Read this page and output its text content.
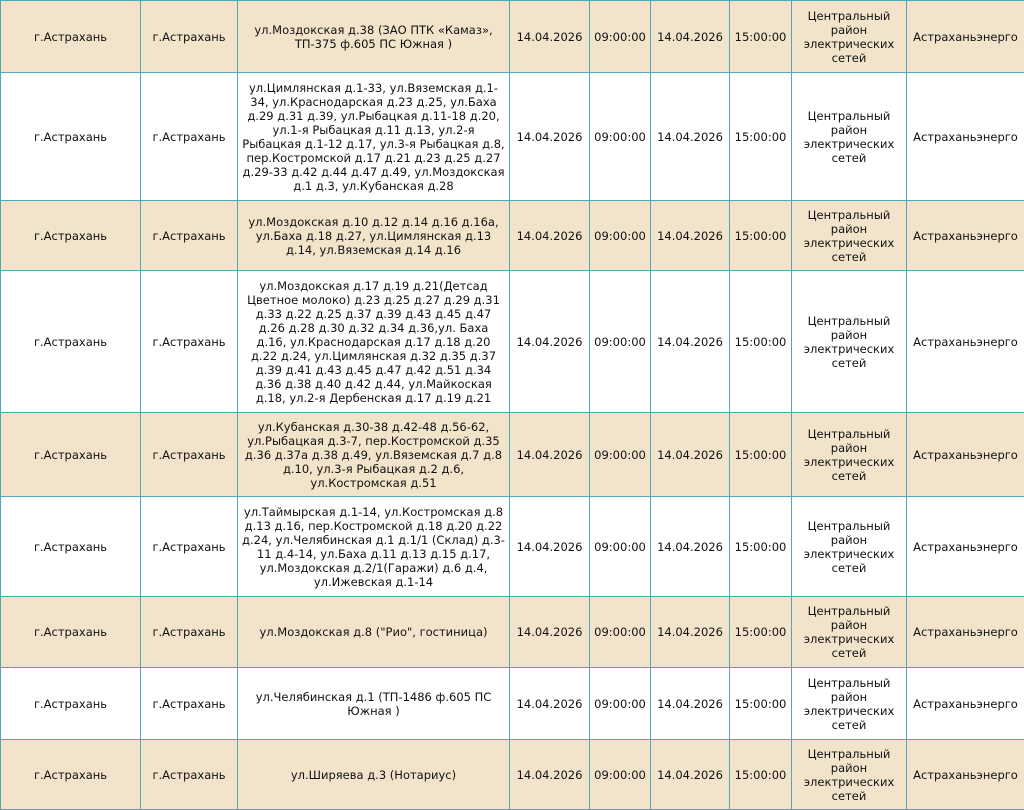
г.Астрахань	г.Астрахань	ул.Моздокская д.38 (ЗАО ПТК «Камаз», ТП-375 ф.605 ПС Южная )	14.04.2026	09:00:00	14.04.2026	15:00:00	Центральный район электрических сетей	Астраханьэнерго
г.Астрахань	г.Астрахань	ул.Цимлянская д.1-33, ул.Вяземская д.1-34, ул.Краснодарская д.23 д.25, ул.Баха д.29 д.31 д.39, ул.Рыбацкая д.11-18 д.20, ул.1-я Рыбацкая д.11 д.13, ул.2-я Рыбацкая д.1-12 д.17, ул.3-я Рыбацкая д.8, пер.Костромской д.17 д.21 д.23 д.25 д.27 д.29-33 д.42 д.44 д.47 д.49, ул.Моздокская д.1 д.3, ул.Кубанская д.28	14.04.2026	09:00:00	14.04.2026	15:00:00	Центральный район электрических сетей	Астраханьэнерго
г.Астрахань	г.Астрахань	ул.Моздокская д.10 д.12 д.14 д.16 д.16а, ул.Баха д.18 д.27, ул.Цимлянская д.13 д.14, ул.Вяземская д.14 д.16	14.04.2026	09:00:00	14.04.2026	15:00:00	Центральный район электрических сетей	Астраханьэнерго
г.Астрахань	г.Астрахань	ул.Моздокская д.17 д.19 д.21(Детсад Цветное молоко) д.23 д.25 д.27 д.29 д.31 д.33 д.22 д.25 д.37 д.39 д.43 д.45 д.47 д.26 д.28 д.30 д.32 д.34 д.36,ул. Баха д.16, ул.Краснодарская д.17 д.18 д.20 д.22 д.24, ул.Цимлянская д.32 д.35 д.37 д.39 д.41 д.43 д.45 д.47 д.42 д.51 д.34 д.36 д.38 д.40 д.42 д.44, ул.Майкоская д.18, ул.2-я Дербенская д.17 д.19 д.21	14.04.2026	09:00:00	14.04.2026	15:00:00	Центральный район электрических сетей	Астраханьэнерго
г.Астрахань	г.Астрахань	ул.Кубанская д.30-38 д.42-48 д.56-62, ул.Рыбацкая д.3-7, пер.Костромской д.35 д.36 д.37а д.38 д.49, ул.Вяземская д.7 д.8 д.10, ул.3-я Рыбацкая д.2 д.6, ул.Костромская д.51	14.04.2026	09:00:00	14.04.2026	15:00:00	Центральный район электрических сетей	Астраханьэнерго
г.Астрахань	г.Астрахань	ул.Таймырская д.1-14, ул.Костромская д.8 д.13 д.16, пер.Костромской д.18 д.20 д.22 д.24, ул.Челябинская д.1 д.1/1 (Склад) д.3-11 д.4-14, ул.Баха д.11 д.13 д.15 д.17, ул.Моздокская д.2/1(Гаражи) д.6 д.4, ул.Ижевская д.1-14	14.04.2026	09:00:00	14.04.2026	15:00:00	Центральный район электрических сетей	Астраханьэнерго
г.Астрахань	г.Астрахань	ул.Моздокская д.8 ("Рио", гостиница)	14.04.2026	09:00:00	14.04.2026	15:00:00	Центральный район электрических сетей	Астраханьэнерго
г.Астрахань	г.Астрахань	ул.Челябинская д.1 (ТП-1486 ф.605 ПС Южная )	14.04.2026	09:00:00	14.04.2026	15:00:00	Центральный район электрических сетей	Астраханьэнерго
г.Астрахань	г.Астрахань	ул.Ширяева д.3 (Нотариус)	14.04.2026	09:00:00	14.04.2026	15:00:00	Центральный район электрических сетей	Астраханьэнерго
